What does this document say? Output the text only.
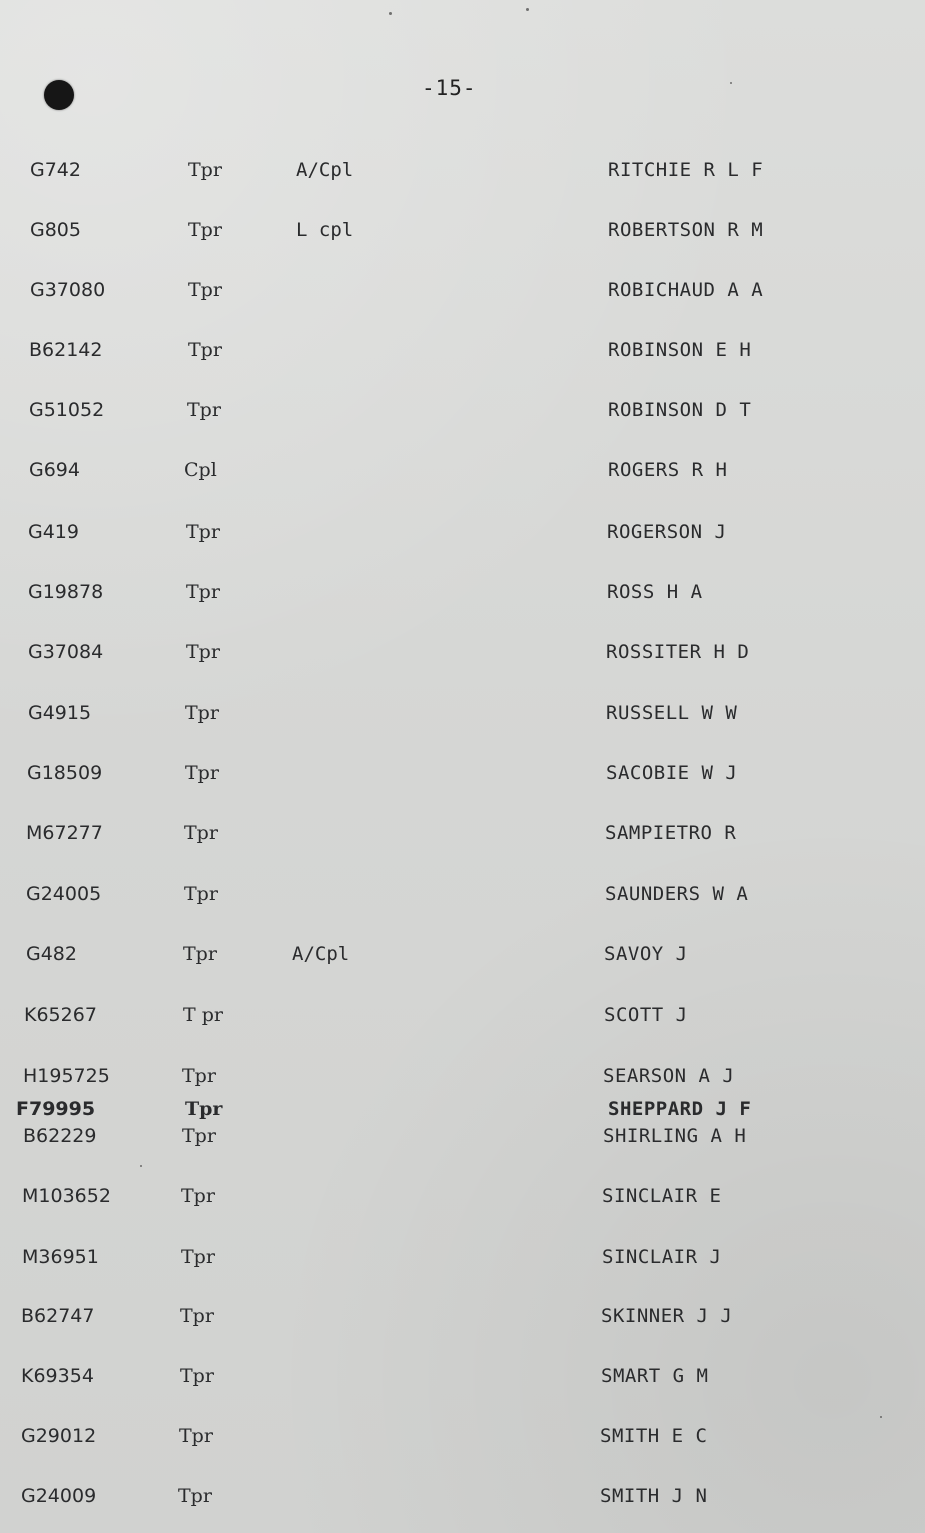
-15-
G742	Tpr	A/Cpl	RITCHIE R L F
G805	Tpr	L cpl	ROBERTSON R M
G37080	Tpr	ROBICHAUD A A
B62142	Tpr	ROBINSON E H
G51052	Tpr	ROBINSON D T
G694	Cpl	ROGERS R H
G419	Tpr	ROGERSON J
G19878	Tpr	ROSS H A
G37084	Tpr	ROSSITER H D
G4915	Tpr	RUSSELL W W
G18509	Tpr	SACOBIE W J
M67277	Tpr	SAMPIETRO R
G24005	Tpr	SAUNDERS W A
G482	Tpr	A/Cpl	SAVOY J
K65267	T pr	SCOTT J
H195725	Tpr	SEARSON A J
F79995	Tpr	SHEPPARD J F
B62229	Tpr	SHIRLING A H
M103652	Tpr	SINCLAIR E
M36951	Tpr	SINCLAIR J
B62747	Tpr	SKINNER J J
K69354	Tpr	SMART G M
G29012	Tpr	SMITH E C
G24009	Tpr	SMITH J N
